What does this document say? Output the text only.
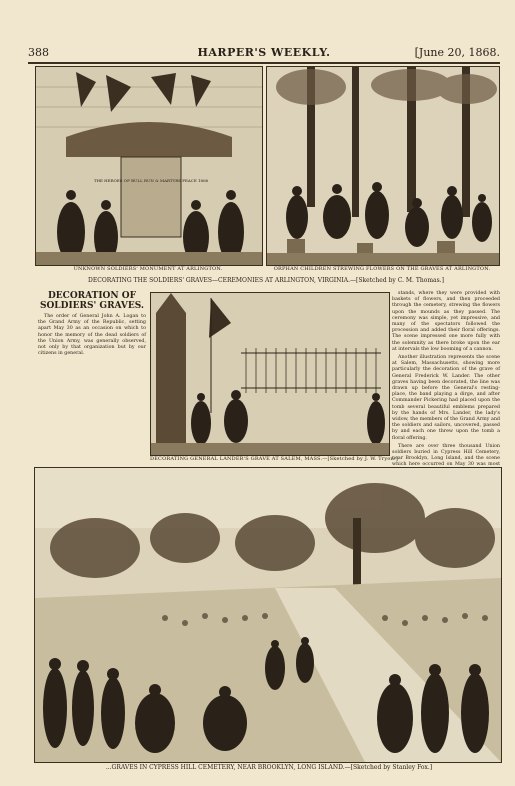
388	HARPER'S WEEKLY.	[June 20, 1868.
THE HEROES OF BULL RUN & MARTYRS PEACE 1866
UNKNOWN SOLDIERS' MONUMENT AT ARLINGTON.	ORPHAN CHILDREN STREWING FLOWERS ON THE GRAVES AT ARLINGTON.
DECORATING THE SOLDIERS' GRAVES—CEREMONIES AT ARLINGTON, VIRGINIA.—[Sketched by C. M. Thomas.]
DECORATION OF SOLDIERS' GRAVES.

The order of General John A. Logan to the Grand Army of the Republic, setting apart May 30 as an occasion on which to honor the memory of the dead soldiers of the Union Army, was generally observed, not only by that organization but by our citizens in general.

stands, where they were provided with baskets of flowers, and then proceeded through the cemetery, strewing the flowers upon the mounds as they passed. The ceremony was simple, yet impressive, and many of the spectators followed the procession and added their floral offerings. The scene impressed one more fully with the solemnity as there broke upon the ear at intervals the low booming of a cannon.

Another illustration represents the scene at Salem, Massachusetts, showing more particularly the decoration of the grave of General Frederick W. Lander. The other graves having been decorated, the line was drawn up before the General's resting-place, the band playing a dirge, and after Commander Pickering had placed upon the tomb several beautiful emblems prepared by the hands of Mrs. Lander, the lady's widow, the members of the Grand Army and the soldiers and sailors, uncovered, passed by and each one threw upon the tomb a floral offering.

There are over three thousand Union soldiers buried in Cypress Hill Cemetery, near Brooklyn, Long Island, and the scene which here occurred on May 30 was most

DECORATING GENERAL LANDER'S GRAVE AT SALEM, MASS.—[Sketched by J. W. Tryon.]
...GRAVES IN CYPRESS HILL CEMETERY, NEAR BROOKLYN, LONG ISLAND.—[Sketched by Stanley Fox.]
